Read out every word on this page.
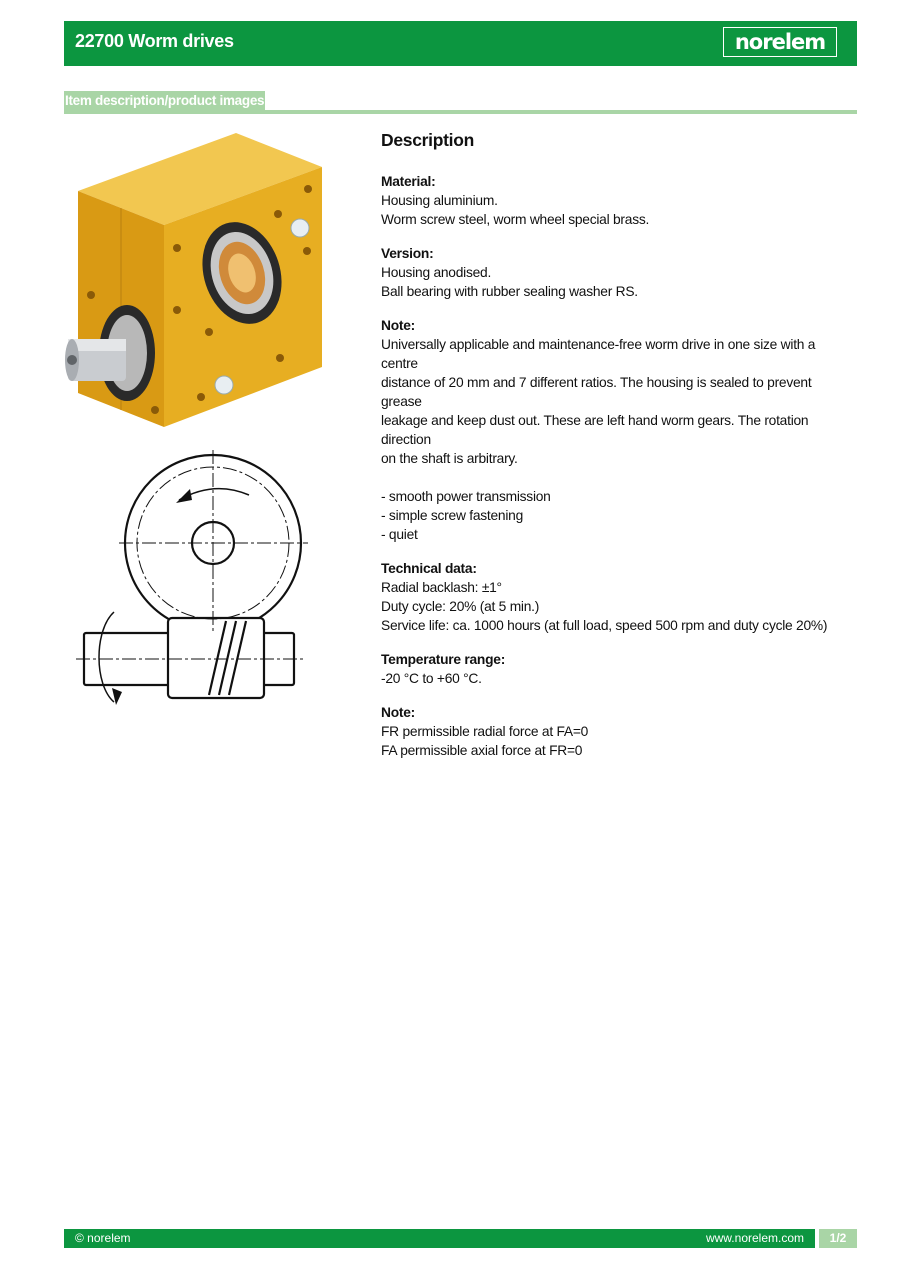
22700 Worm drives	norelem
Item description/product images
Description
Material:
Housing aluminium.
Worm screw steel, worm wheel special brass.
Version:
Housing anodised.
Ball bearing with rubber sealing washer RS.
Note:
Universally applicable and maintenance-free worm drive in one size with a centre
distance of 20 mm and 7 different ratios. The housing is sealed to prevent grease
leakage and keep dust out. These are left hand worm gears. The rotation direction
on the shaft is arbitrary.
- smooth power transmission
- simple screw fastening
- quiet
Technical data:
Radial backlash: ±1°
Duty cycle: 20% (at 5 min.)
Service life: ca. 1000 hours (at full load, speed 500 rpm and duty cycle 20%)
Temperature range:
-20 °C to +60 °C.
Note:
FR permissible radial force at FA=0
FA permissible axial force at FR=0
© norelem	www.norelem.com	1/2
